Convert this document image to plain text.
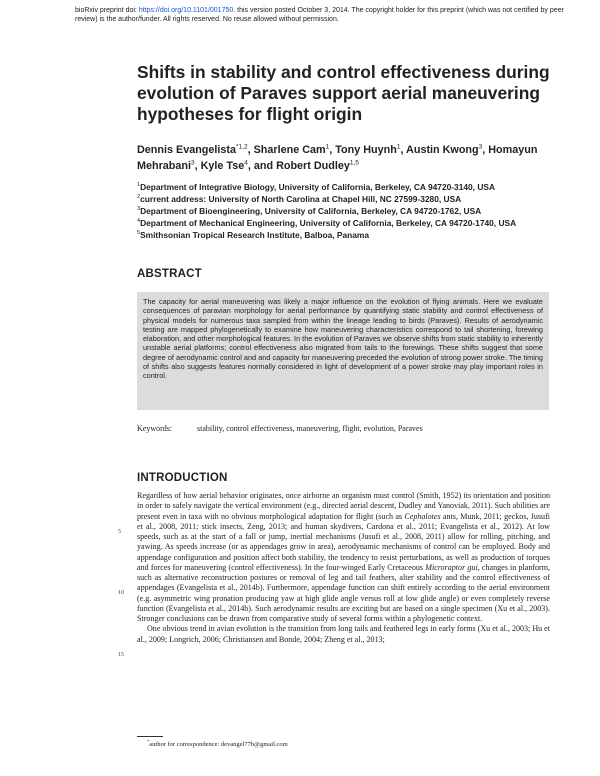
bioRxiv preprint doi: https://doi.org/10.1101/001750. this version posted October 3, 2014. The copyright holder for this preprint (which was not certified by peer review) is the author/funder. All rights reserved. No reuse allowed without permission.
Shifts in stability and control effectiveness during evolution of Paraves support aerial maneuvering hypotheses for flight origin
Dennis Evangelista$^{*1,2}$, Sharlene Cam$^1$, Tony Huynh$^1$, Austin Kwong$^3$, Homayun Mehrabani$^3$, Kyle Tse$^4$, and Robert Dudley$^{1,5}$
$^1$Department of Integrative Biology, University of California, Berkeley, CA 94720-3140, USA
$^2$current address: University of North Carolina at Chapel Hill, NC 27599-3280, USA
$^3$Department of Bioengineering, University of California, Berkeley, CA 94720-1762, USA
$^4$Department of Mechanical Engineering, University of California, Berkeley, CA 94720-1740, USA
$^5$Smithsonian Tropical Research Institute, Balboa, Panama
ABSTRACT
The capacity for aerial maneuvering was likely a major influence on the evolution of flying animals. Here we evaluate consequences of paravian morphology for aerial performance by quantifying static stability and control effectiveness of physical models for numerous taxa sampled from within the lineage leading to birds (Paraves). Results of aerodynamic testing are mapped phylogenetically to examine how maneuvering characteristics correspond to tail shortening, forewing elaboration, and other morphological features. In the evolution of Paraves we observe shifts from static stability to inherently unstable aerial platforms; control effectiveness also migrated from tails to the forewings. These shifts suggest that some degree of aerodynamic control and and capacity for maneuvering preceded the evolution of strong power stroke. The timing of shifts also suggests features normally considered in light of development of a power stroke may play important roles in control.
Keywords:	stability, control effectiveness, maneuvering, flight, evolution, Paraves
INTRODUCTION

Regardless of how aerial behavior originates, once airborne an organism must control (Smith, 1952) its orientation and position in order to safely navigate the vertical environment (e.g., directed aerial descent, Dudley and Yanoviak, 2011). Such abilities are present even in taxa with no obvious morphological adaptation for flight (such as Cephalotes ants, Munk, 2011; geckos, Jusufi et al., 2008, 2011; stick insects, Zeng, 2013; and human skydivers, Cardona et al., 2011; Evangelista et al., 2012). At low speeds, such as at the start of a fall or jump, inertial mechanisms (Jusufi et al., 2008, 2011) allow for rolling, pitching, and yawing. As speeds increase (or as appendages grow in area), aerodynamic mechanisms of control can be employed. Body and appendage configuration and position affect both stability, the tendency to resist perturbations, as well as production of torques and forces for maneuvering (control effectiveness). In the four-winged Early Cretaceous Microraptor gui, changes in planform, such as alternative reconstruction postures or removal of leg and tail feathers, alter stability and the control effectiveness of appendages (Evangelista et al., 2014b). Furthermore, appendage function can shift entirely according to the aerial environment (e.g. asymmetric wing pronation producing yaw at high glide angle versus roll at low glide angle) or even completely reverse function (Evangelista et al., 2014b). Such aerodynamic results are exciting but are based on a single specimen (Xu et al., 2003). Stronger conclusions can be drawn from comparative study of several forms within a phylogenetic context.

One obvious trend in avian evolution is the transition from long tails and feathered legs in early forms (Xu et al., 2003; Hu et al., 2009; Longrich, 2006; Christiansen and Bonde, 2004; Zheng et al., 2013;

5
10
15
*author for correspondence: devangel77b@gmail.com
